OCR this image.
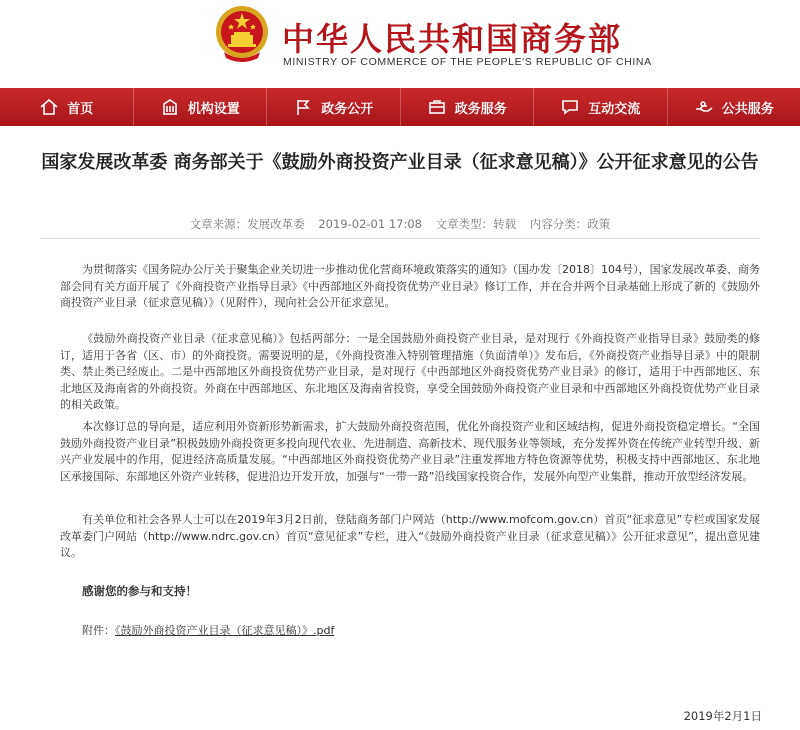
中华人民共和国商务部
MINISTRY OF COMMERCE OF THE PEOPLE'S REPUBLIC OF CHINA
首页	机构设置	政务公开	政务服务	互动交流	公共服务
国家发展改革委 商务部关于《鼓励外商投资产业目录（征求意见稿）》公开征求意见的公告
文章来源：发展改革委 2019-02-01 17:08 文章类型：转载 内容分类：政策

为贯彻落实《国务院办公厅关于聚集企业关切进一步推动优化营商环境政策落实的通知》（国办发〔2018〕104号），国家发展改革委、商务部会同有关方面开展了《外商投资产业指导目录》《中西部地区外商投资优势产业目录》修订工作，并在合并两个目录基础上形成了新的《鼓励外商投资产业目录（征求意见稿）》（见附件），现向社会公开征求意见。

《鼓励外商投资产业目录（征求意见稿）》包括两部分：一是全国鼓励外商投资产业目录，是对现行《外商投资产业指导目录》鼓励类的修订，适用于各省（区、市）的外商投资。需要说明的是，《外商投资准入特别管理措施（负面清单）》发布后，《外商投资产业指导目录》中的限制类、禁止类已经废止。二是中西部地区外商投资优势产业目录，是对现行《中西部地区外商投资优势产业目录》的修订，适用于中西部地区、东北地区及海南省的外商投资。外商在中西部地区、东北地区及海南省投资，享受全国鼓励外商投资产业目录和中西部地区外商投资优势产业目录的相关政策。

本次修订总的导向是，适应利用外资新形势新需求，扩大鼓励外商投资范围，优化外商投资产业和区域结构，促进外商投资稳定增长。“全国鼓励外商投资产业目录”积极鼓励外商投资更多投向现代农业、先进制造、高新技术、现代服务业等领域，充分发挥外资在传统产业转型升级、新兴产业发展中的作用，促进经济高质量发展。“中西部地区外商投资优势产业目录”注重发挥地方特色资源等优势，积极支持中西部地区、东北地区承接国际、东部地区外资产业转移，促进沿边开发开放，加强与“一带一路”沿线国家投资合作，发展外向型产业集群，推动开放型经济发展。

有关单位和社会各界人士可以在2019年3月2日前，登陆商务部门户网站（http://www.mofcom.gov.cn）首页“征求意见”专栏或国家发展改革委门户网站（http://www.ndrc.gov.cn）首页“意见征求”专栏，进入“《鼓励外商投资产业目录（征求意见稿）》公开征求意见”，提出意见建议。

感谢您的参与和支持！
附件：《鼓励外商投资产业目录（征求意见稿）》.pdf
2019年2月1日
